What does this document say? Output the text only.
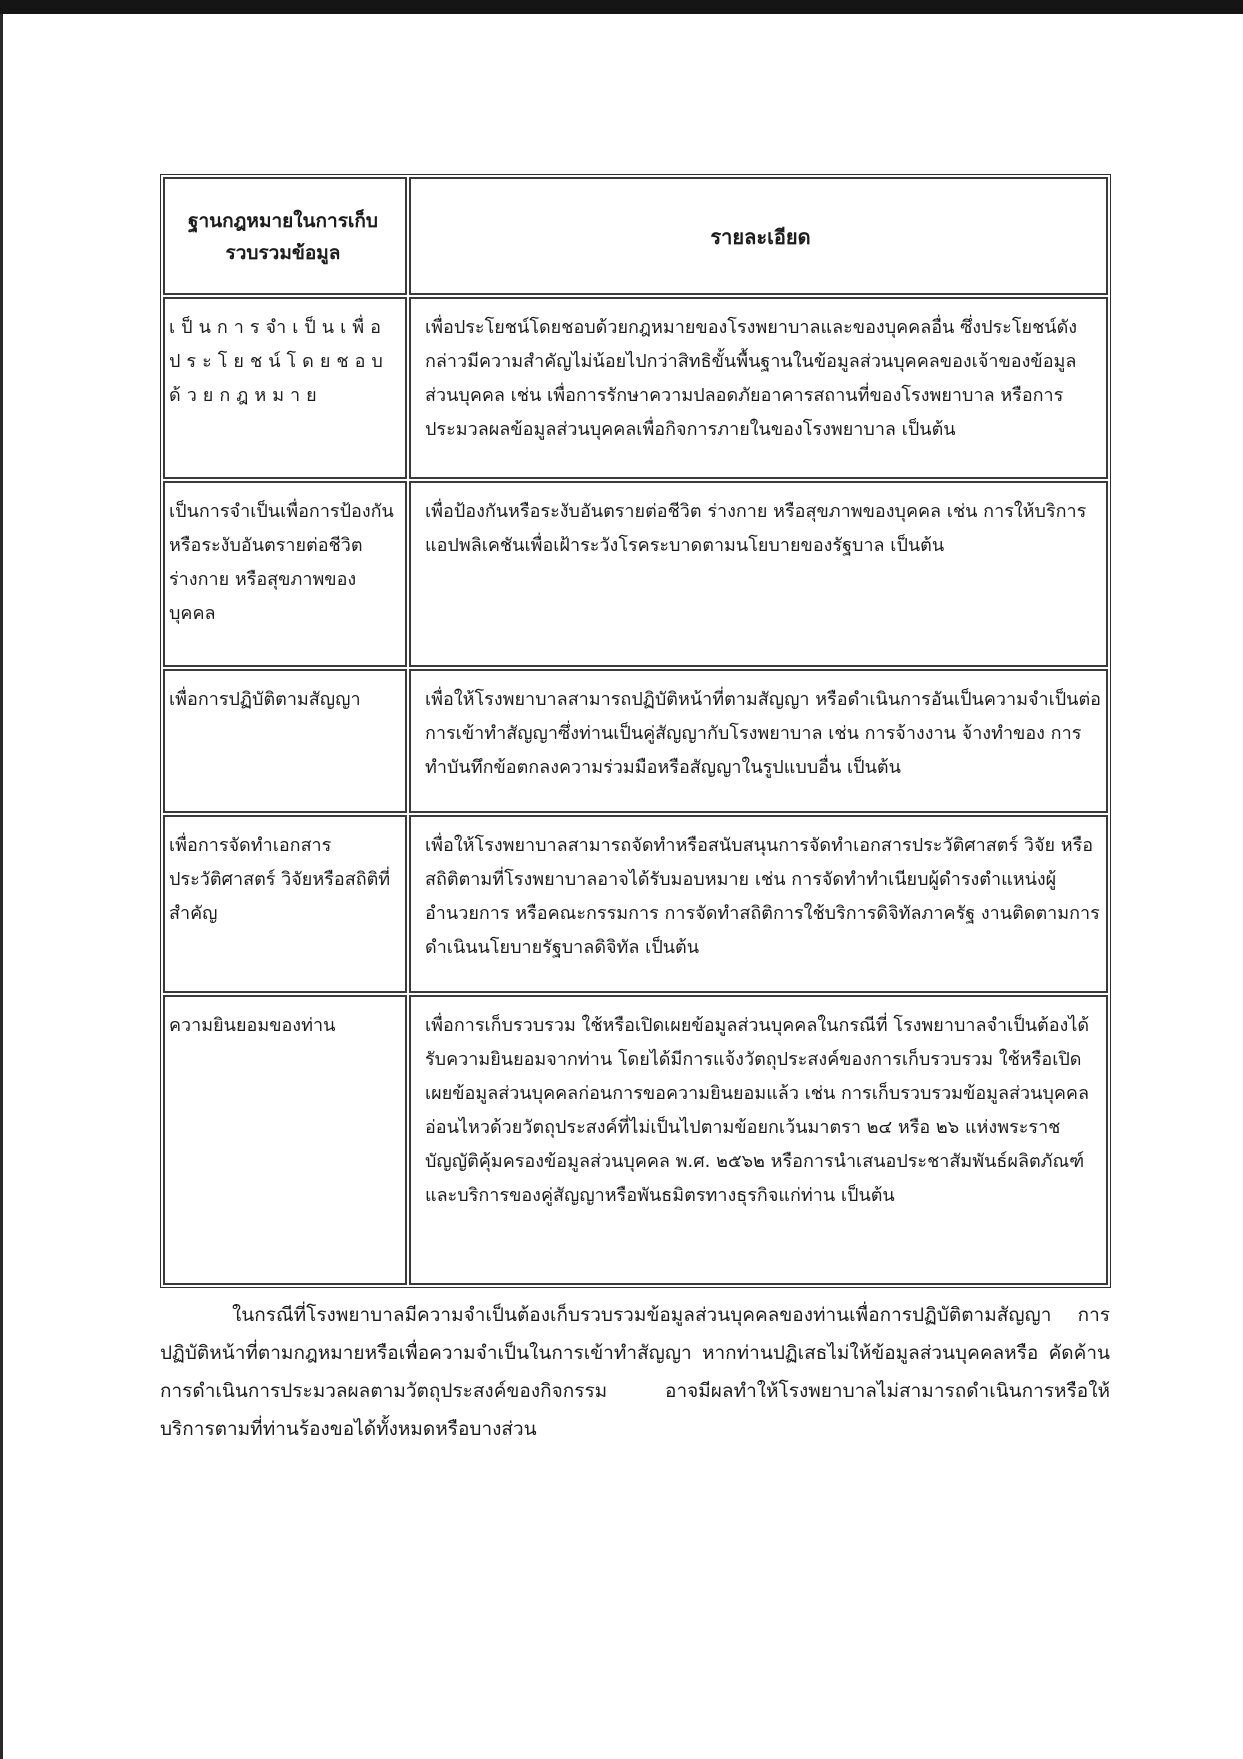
ฐานกฎหมายในการเก็บรวบรวมข้อมูล
รายละเอียด
เป็นการจำเป็นเพื่อประโยชน์โดยชอบด้วยกฎหมาย
เพื่อประโยชน์โดยชอบด้วยกฎหมายของโรงพยาบาลและของบุคคลอื่น ซึ่งประโยชน์ดังกล่าวมีความสำคัญไม่น้อยไปกว่าสิทธิขั้นพื้นฐานในข้อมูลส่วนบุคคลของเจ้าของข้อมูลส่วนบุคคล เช่น เพื่อการรักษาความปลอดภัยอาคารสถานที่ของโรงพยาบาล หรือการประมวลผลข้อมูลส่วนบุคคลเพื่อกิจการภายในของโรงพยาบาล เป็นต้น
เป็นการจำเป็นเพื่อการป้องกันหรือระงับอันตรายต่อชีวิต ร่างกาย หรือสุขภาพของบุคคล
เพื่อป้องกันหรือระงับอันตรายต่อชีวิต ร่างกาย หรือสุขภาพของบุคคล เช่น การให้บริการแอปพลิเคชันเพื่อเฝ้าระวังโรคระบาดตามนโยบายของรัฐบาล เป็นต้น
เพื่อการปฏิบัติตามสัญญา	เพื่อให้โรงพยาบาลสามารถปฏิบัติหน้าที่ตามสัญญา หรือดำเนินการอันเป็นความจำเป็นต่อการเข้าทำสัญญาซึ่งท่านเป็นคู่สัญญากับโรงพยาบาล เช่น การจ้างงาน จ้างทำของ การทำบันทึกข้อตกลงความร่วมมือหรือสัญญาในรูปแบบอื่น เป็นต้น
เพื่อการจัดทำเอกสารประวัติศาสตร์ วิจัยหรือสถิติที่สำคัญ
เพื่อให้โรงพยาบาลสามารถจัดทำหรือสนับสนุนการจัดทำเอกสารประวัติศาสตร์ วิจัย หรือสถิติตามที่โรงพยาบาลอาจได้รับมอบหมาย เช่น การจัดทำทำเนียบผู้ดำรงตำแหน่งผู้อำนวยการ หรือคณะกรรมการ การจัดทำสถิติการใช้บริการดิจิทัลภาครัฐ งานติดตามการดำเนินนโยบายรัฐบาลดิจิทัล เป็นต้น
ความยินยอมของท่าน	เพื่อการเก็บรวบรวม ใช้หรือเปิดเผยข้อมูลส่วนบุคคลในกรณีที่ โรงพยาบาลจำเป็นต้องได้รับความยินยอมจากท่าน โดยได้มีการแจ้งวัตถุประสงค์ของการเก็บรวบรวม ใช้หรือเปิดเผยข้อมูลส่วนบุคคลก่อนการขอความยินยอมแล้ว เช่น การเก็บรวบรวมข้อมูลส่วนบุคคลอ่อนไหวด้วยวัตถุประสงค์ที่ไม่เป็นไปตามข้อยกเว้นมาตรา ๒๔ หรือ ๒๖ แห่งพระราชบัญญัติคุ้มครองข้อมูลส่วนบุคคล พ.ศ. ๒๕๖๒ หรือการนำเสนอประชาสัมพันธ์ผลิตภัณฑ์และบริการของคู่สัญญาหรือพันธมิตรทางธุรกิจแก่ท่าน เป็นต้น
ในกรณีที่โรงพยาบาลมีความจำเป็นต้องเก็บรวบรวมข้อมูลส่วนบุคคลของท่านเพื่อการปฏิบัติตามสัญญา การปฏิบัติหน้าที่ตามกฎหมายหรือเพื่อความจำเป็นในการเข้าทำสัญญา หากท่านปฏิเสธไม่ให้ข้อมูลส่วนบุคคลหรือ คัดค้านการดำเนินการประมวลผลตามวัตถุประสงค์ของกิจกรรม อาจมีผลทำให้โรงพยาบาลไม่สามารถดำเนินการหรือให้บริการตามที่ท่านร้องขอได้ทั้งหมดหรือบางส่วน
